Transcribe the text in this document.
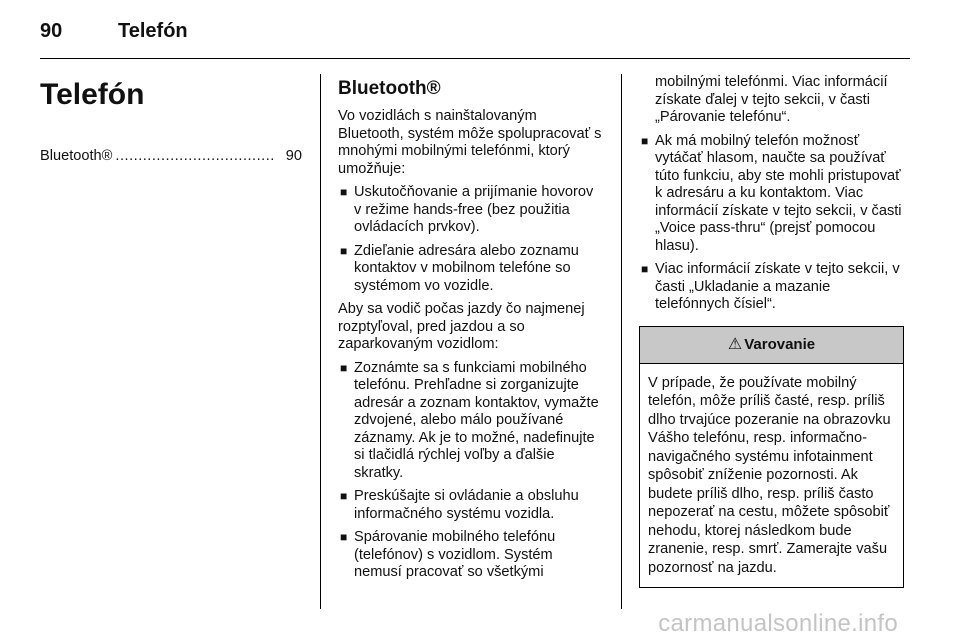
90	Telefón
Telefón
Bluetooth® ................................... 90
Bluetooth®

Vo vozidlách s nainštalovaným Bluetooth, systém môže spolupracovať s mnohými mobilnými telefónmi, ktorý umožňuje:

■ Uskutočňovanie a prijímanie hovorov v režime hands-free (bez použitia ovládacích prvkov).
■ Zdieľanie adresára alebo zoznamu kontaktov v mobilnom telefóne so systémom vo vozidle.

Aby sa vodič počas jazdy čo najmenej rozptyľoval, pred jazdou a so zaparkovaným vozidlom:

■ Zoznámte sa s funkciami mobilného telefónu. Prehľadne si zorganizujte adresár a zoznam kontaktov, vymažte zdvojené, alebo málo používané záznamy. Ak je to možné, nadefinujte si tlačidlá rýchlej voľby a ďalšie skratky.
■ Preskúšajte si ovládanie a obsluhu informačného systému vozidla.
■ Spárovanie mobilného telefónu (telefónov) s vozidlom. Systém nemusí pracovať so všetkými
mobilnými telefónmi. Viac informácií získate ďalej v tejto sekcii, v časti „Párovanie telefónu“.
■ Ak má mobilný telefón možnosť vytáčať hlasom, naučte sa používať túto funkciu, aby ste mohli pristupovať k adresáru a ku kontaktom. Viac informácií získate v tejto sekcii, v časti „Voice pass-thru“ (prejsť pomocou hlasu).
■ Viac informácií získate v tejto sekcii, v časti „Ukladanie a mazanie telefónnych čísiel“.
⚠ Varovanie
V prípade, že používate mobilný telefón, môže príliš časté, resp. príliš dlho trvajúce pozeranie na obrazovku Vášho telefónu, resp. informačno-navigačného systému infotainment spôsobiť zníženie pozornosti. Ak budete príliš dlho, resp. príliš často nepozerať na cestu, môžete spôsobiť nehodu, ktorej následkom bude zranenie, resp. smrť. Zamerajte vašu pozornosť na jazdu.
carmanualsonline.info
